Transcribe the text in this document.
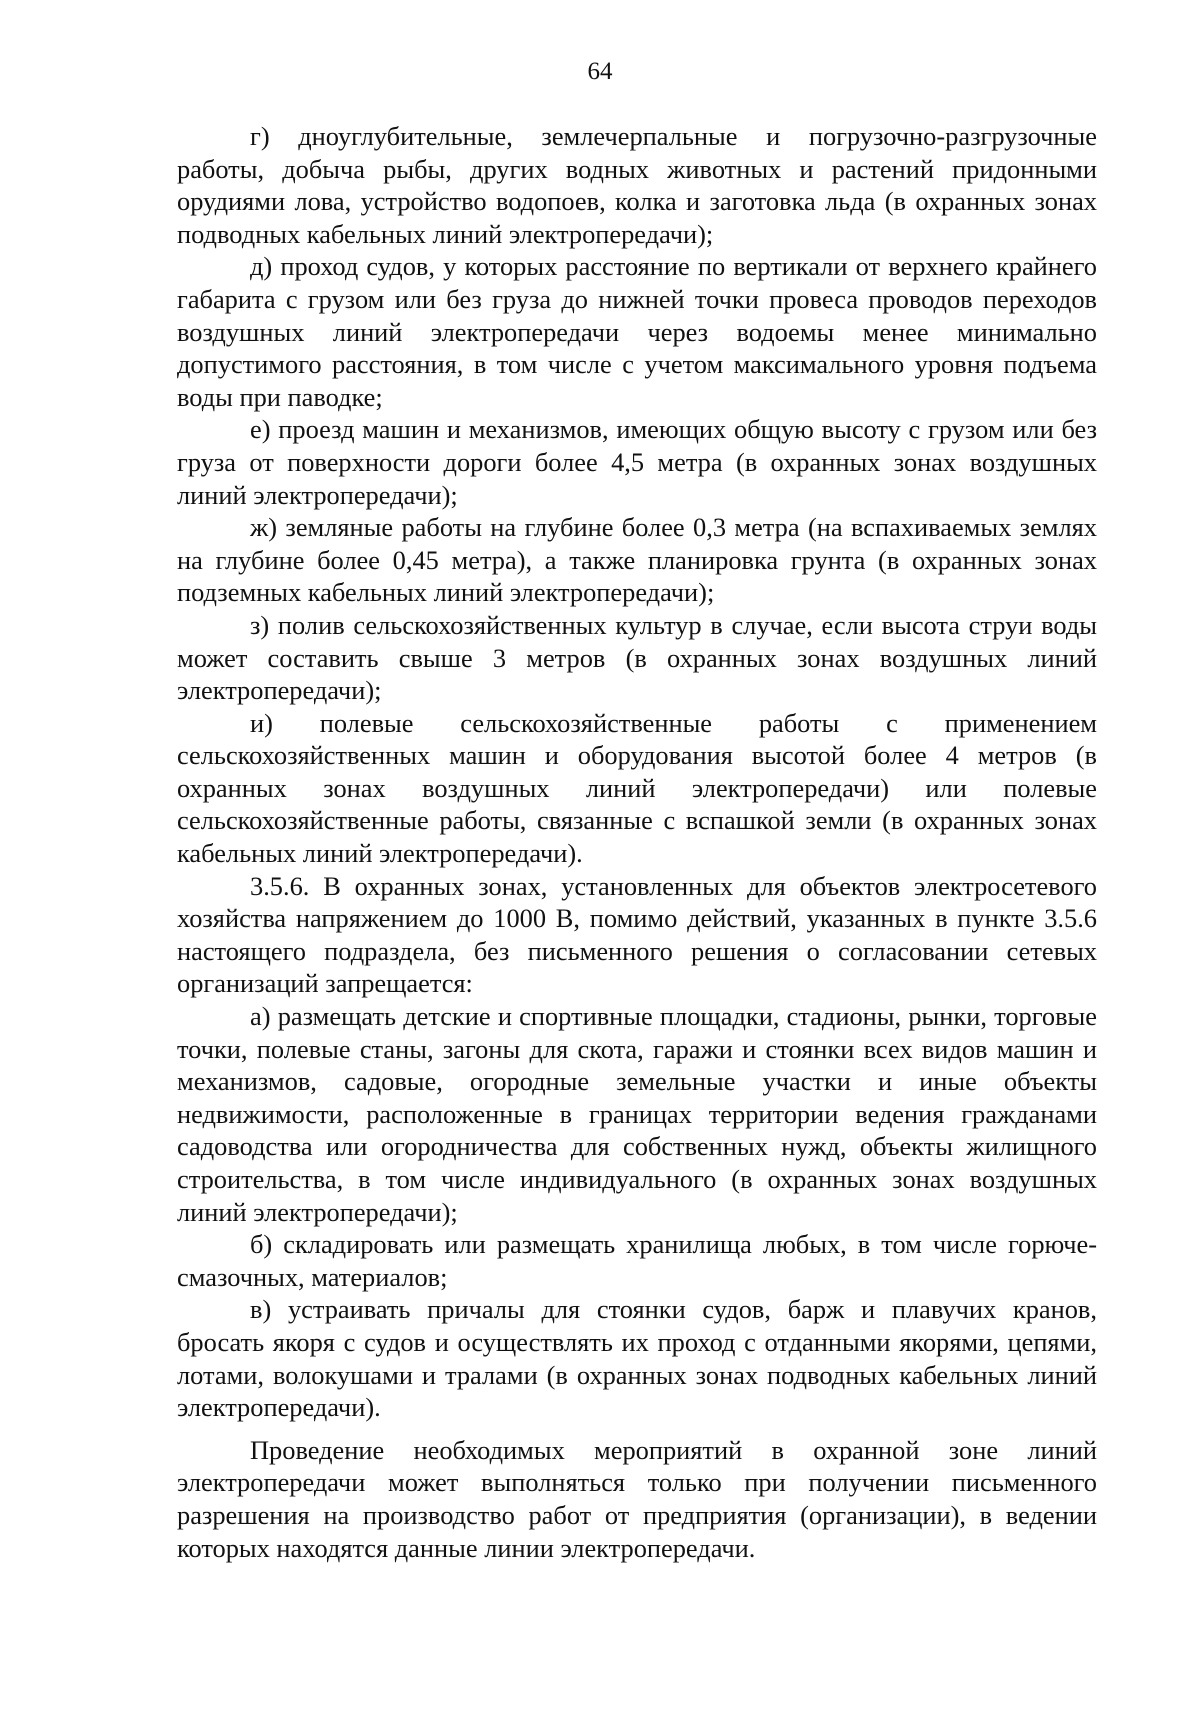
64

г) дноуглубительные, землечерпальные и погрузочно-разгрузочные работы, добыча рыбы, других водных животных и растений придонными орудиями лова, устройство водопоев, колка и заготовка льда (в охранных зонах подводных кабельных линий электропередачи);

д) проход судов, у которых расстояние по вертикали от верхнего крайнего габарита с грузом или без груза до нижней точки провеса проводов переходов воздушных линий электропередачи через водоемы менее минимально допустимого расстояния, в том числе с учетом максимального уровня подъема воды при паводке;

е) проезд машин и механизмов, имеющих общую высоту с грузом или без груза от поверхности дороги более 4,5 метра (в охранных зонах воздушных линий электропередачи);

ж) земляные работы на глубине более 0,3 метра (на вспахиваемых землях на глубине более 0,45 метра), а также планировка грунта (в охранных зонах подземных кабельных линий электропередачи);

з) полив сельскохозяйственных культур в случае, если высота струи воды может составить свыше 3 метров (в охранных зонах воздушных линий электропередачи);

и) полевые сельскохозяйственные работы с применением сельскохозяйственных машин и оборудования высотой более 4 метров (в охранных зонах воздушных линий электропередачи) или полевые сельскохозяйственные работы, связанные с вспашкой земли (в охранных зонах кабельных линий электропередачи).

3.5.6. В охранных зонах, установленных для объектов электросетевого хозяйства напряжением до 1000 В, помимо действий, указанных в пункте 3.5.6 настоящего подраздела, без письменного решения о согласовании сетевых организаций запрещается:

а) размещать детские и спортивные площадки, стадионы, рынки, торговые точки, полевые станы, загоны для скота, гаражи и стоянки всех видов машин и механизмов, садовые, огородные земельные участки и иные объекты недвижимости, расположенные в границах территории ведения гражданами садоводства или огородничества для собственных нужд, объекты жилищного строительства, в том числе индивидуального (в охранных зонах воздушных линий электропередачи);

б) складировать или размещать хранилища любых, в том числе горюче-смазочных, материалов;

в) устраивать причалы для стоянки судов, барж и плавучих кранов, бросать якоря с судов и осуществлять их проход с отданными якорями, цепями, лотами, волокушами и тралами (в охранных зонах подводных кабельных линий электропередачи).

Проведение необходимых мероприятий в охранной зоне линий электропередачи может выполняться только при получении письменного разрешения на производство работ от предприятия (организации), в ведении которых находятся данные линии электропередачи.
